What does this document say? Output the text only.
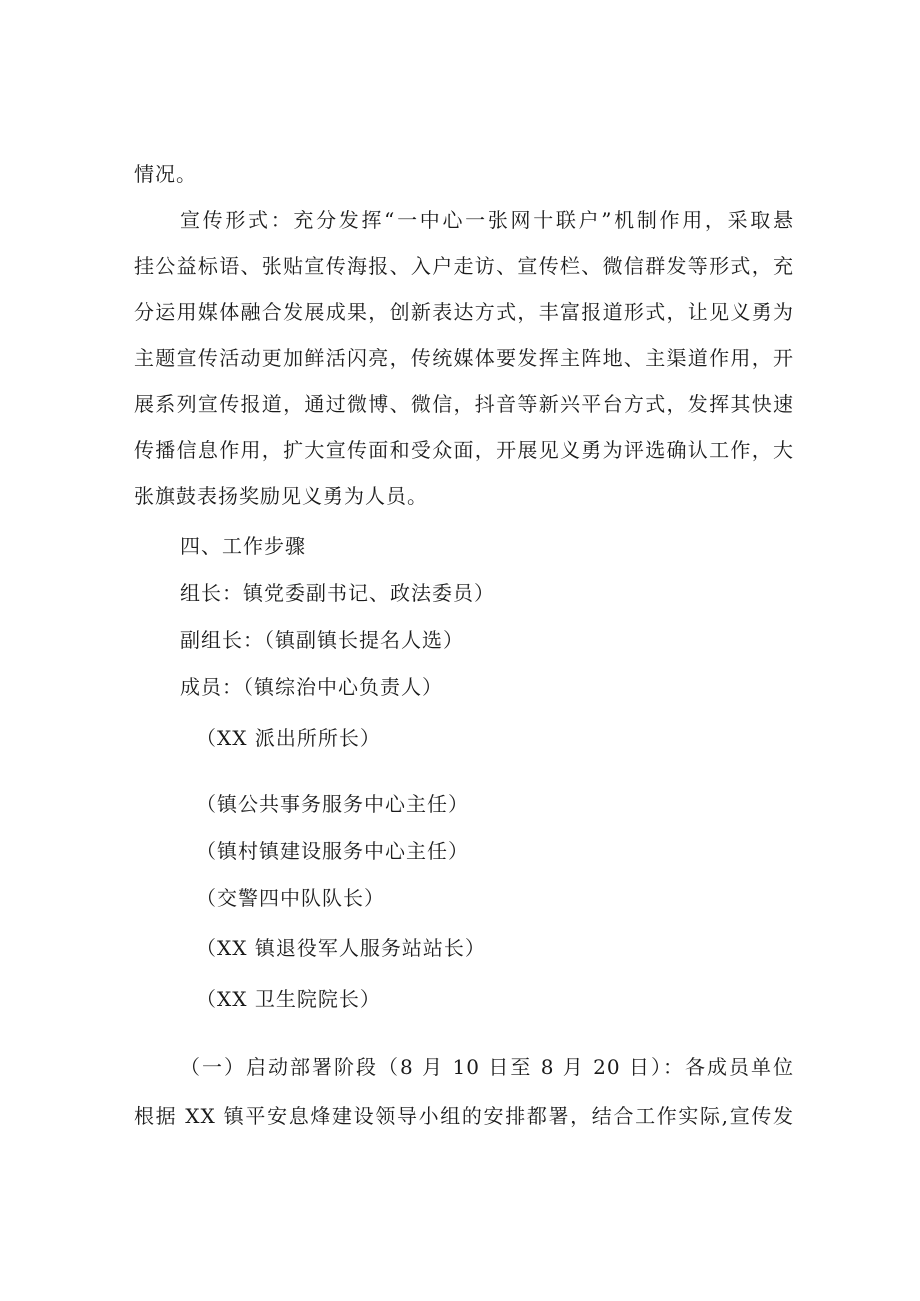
情况。
宣传形式：充分发挥“一中心一张网十联户”机制作用，采取悬
挂公益标语、张贴宣传海报、入户走访、宣传栏、微信群发等形式，充
分运用媒体融合发展成果，创新表达方式，丰富报道形式，让见义勇为
主题宣传活动更加鲜活闪亮，传统媒体要发挥主阵地、主渠道作用，开
展系列宣传报道，通过微博、微信，抖音等新兴平台方式，发挥其快速
传播信息作用，扩大宣传面和受众面，开展见义勇为评选确认工作，大
张旗鼓表扬奖励见义勇为人员。
四、工作步骤
组长：镇党委副书记、政法委员）
副组长：（镇副镇长提名人选）
成员：（镇综治中心负责人）
（XX 派出所所长）
（镇公共事务服务中心主任）
（镇村镇建设服务中心主任）
（交警四中队队长）
（XX 镇退役军人服务站站长）
（XX 卫生院院长）
（一）启动部署阶段（8 月 10 日至 8 月 20 日）：各成员单位
根据 XX 镇平安息烽建设领导小组的安排都署，结合工作实际,宣传发
